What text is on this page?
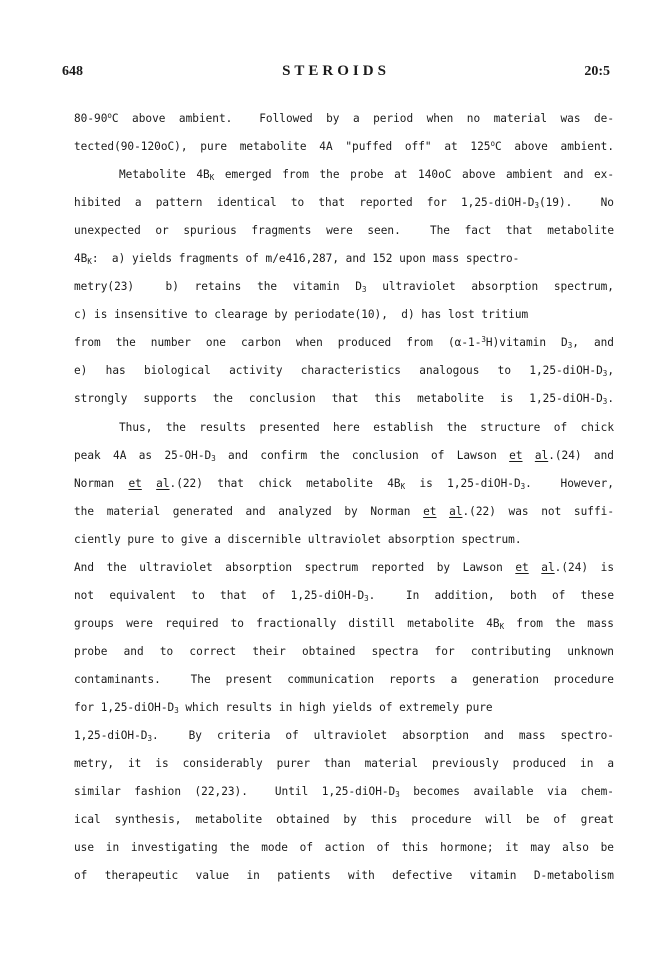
648	STEROIDS	20:5
80-90$^o$C above ambient.  Followed by a period when no material was de-
tected(90-120oC), pure metabolite 4A "puffed off" at 125$^o$C above ambient.
Metabolite $4B_K$ emerged from the probe at 140oC above ambient and ex-
hibited a pattern identical to that reported for $1,25-diOH-D_3(19)$.  No
unexpected or spurious fragments were seen.  The fact that metabolite
$4B_K$:  a) yields fragments of m/e416,287, and 152 upon mass spectro-
metry(23)  b) retains the vitamin $D_3$ ultraviolet absorption spectrum,
c) is insensitive to clearage by periodate(10),  d) has lost tritium
from the number one carbon when produced from (α-1-$^3$H)vitamin $D_3$, and
e) has biological activity characteristics analogous to $1,25-diOH-D_3$,
strongly supports the conclusion that this metabolite is $1,25-diOH-D_3$.
Thus, the results presented here establish the structure of chick
peak 4A as $25-OH-D_3$ and confirm the conclusion of Lawson et al.(24) and
Norman et al.(22) that chick metabolite $4B_K$ is $1,25-diOH-D_3$.  However,
the material generated and analyzed by Norman et al.(22) was not suffi-
ciently pure to give a discernible ultraviolet absorption spectrum.
And the ultraviolet absorption spectrum reported by Lawson et al.(24) is
not equivalent to that of $1,25-diOH-D_3$.  In addition, both of these
groups were required to fractionally distill metabolite $4B_K$ from the mass
probe and to correct their obtained spectra for contributing unknown
contaminants.  The present communication reports a generation procedure
for $1,25-diOH-D_3$ which results in high yields of extremely pure
$1,25-diOH-D_3$.  By criteria of ultraviolet absorption and mass spectro-
metry, it is considerably purer than material previously produced in a
similar fashion (22,23).  Until $1,25-diOH-D_3$ becomes available via chem-
ical synthesis, metabolite obtained by this procedure will be of great
use in investigating the mode of action of this hormone; it may also be
of therapeutic value in patients with defective vitamin D-metabolism
